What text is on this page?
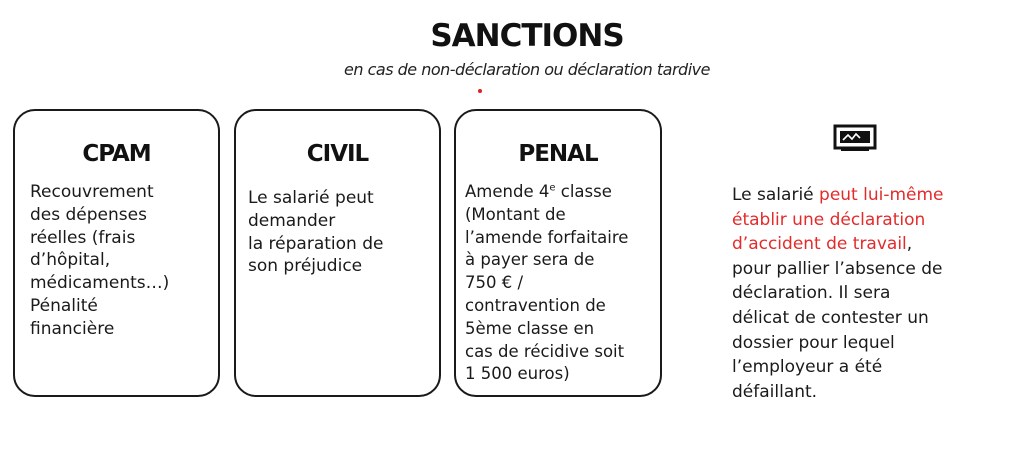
SANCTIONS
en cas de non-déclaration ou déclaration tardive
CPAM
Recouvrement
des dépenses
réelles (frais
d’hôpital,
médicaments…)
Pénalité
financière
CIVIL
Le salarié peut
demander
la réparation de
son préjudice
PENAL
Amende 4e classe
(Montant de
l’amende forfaitaire
à payer sera de
750 € /
contravention de
5ème classe en
cas de récidive soit
1 500 euros)
Le salarié peut lui-même
établir une déclaration
d’accident de travail,
pour pallier l’absence de
déclaration. Il sera
délicat de contester un
dossier pour lequel
l’employeur a été
défaillant.
